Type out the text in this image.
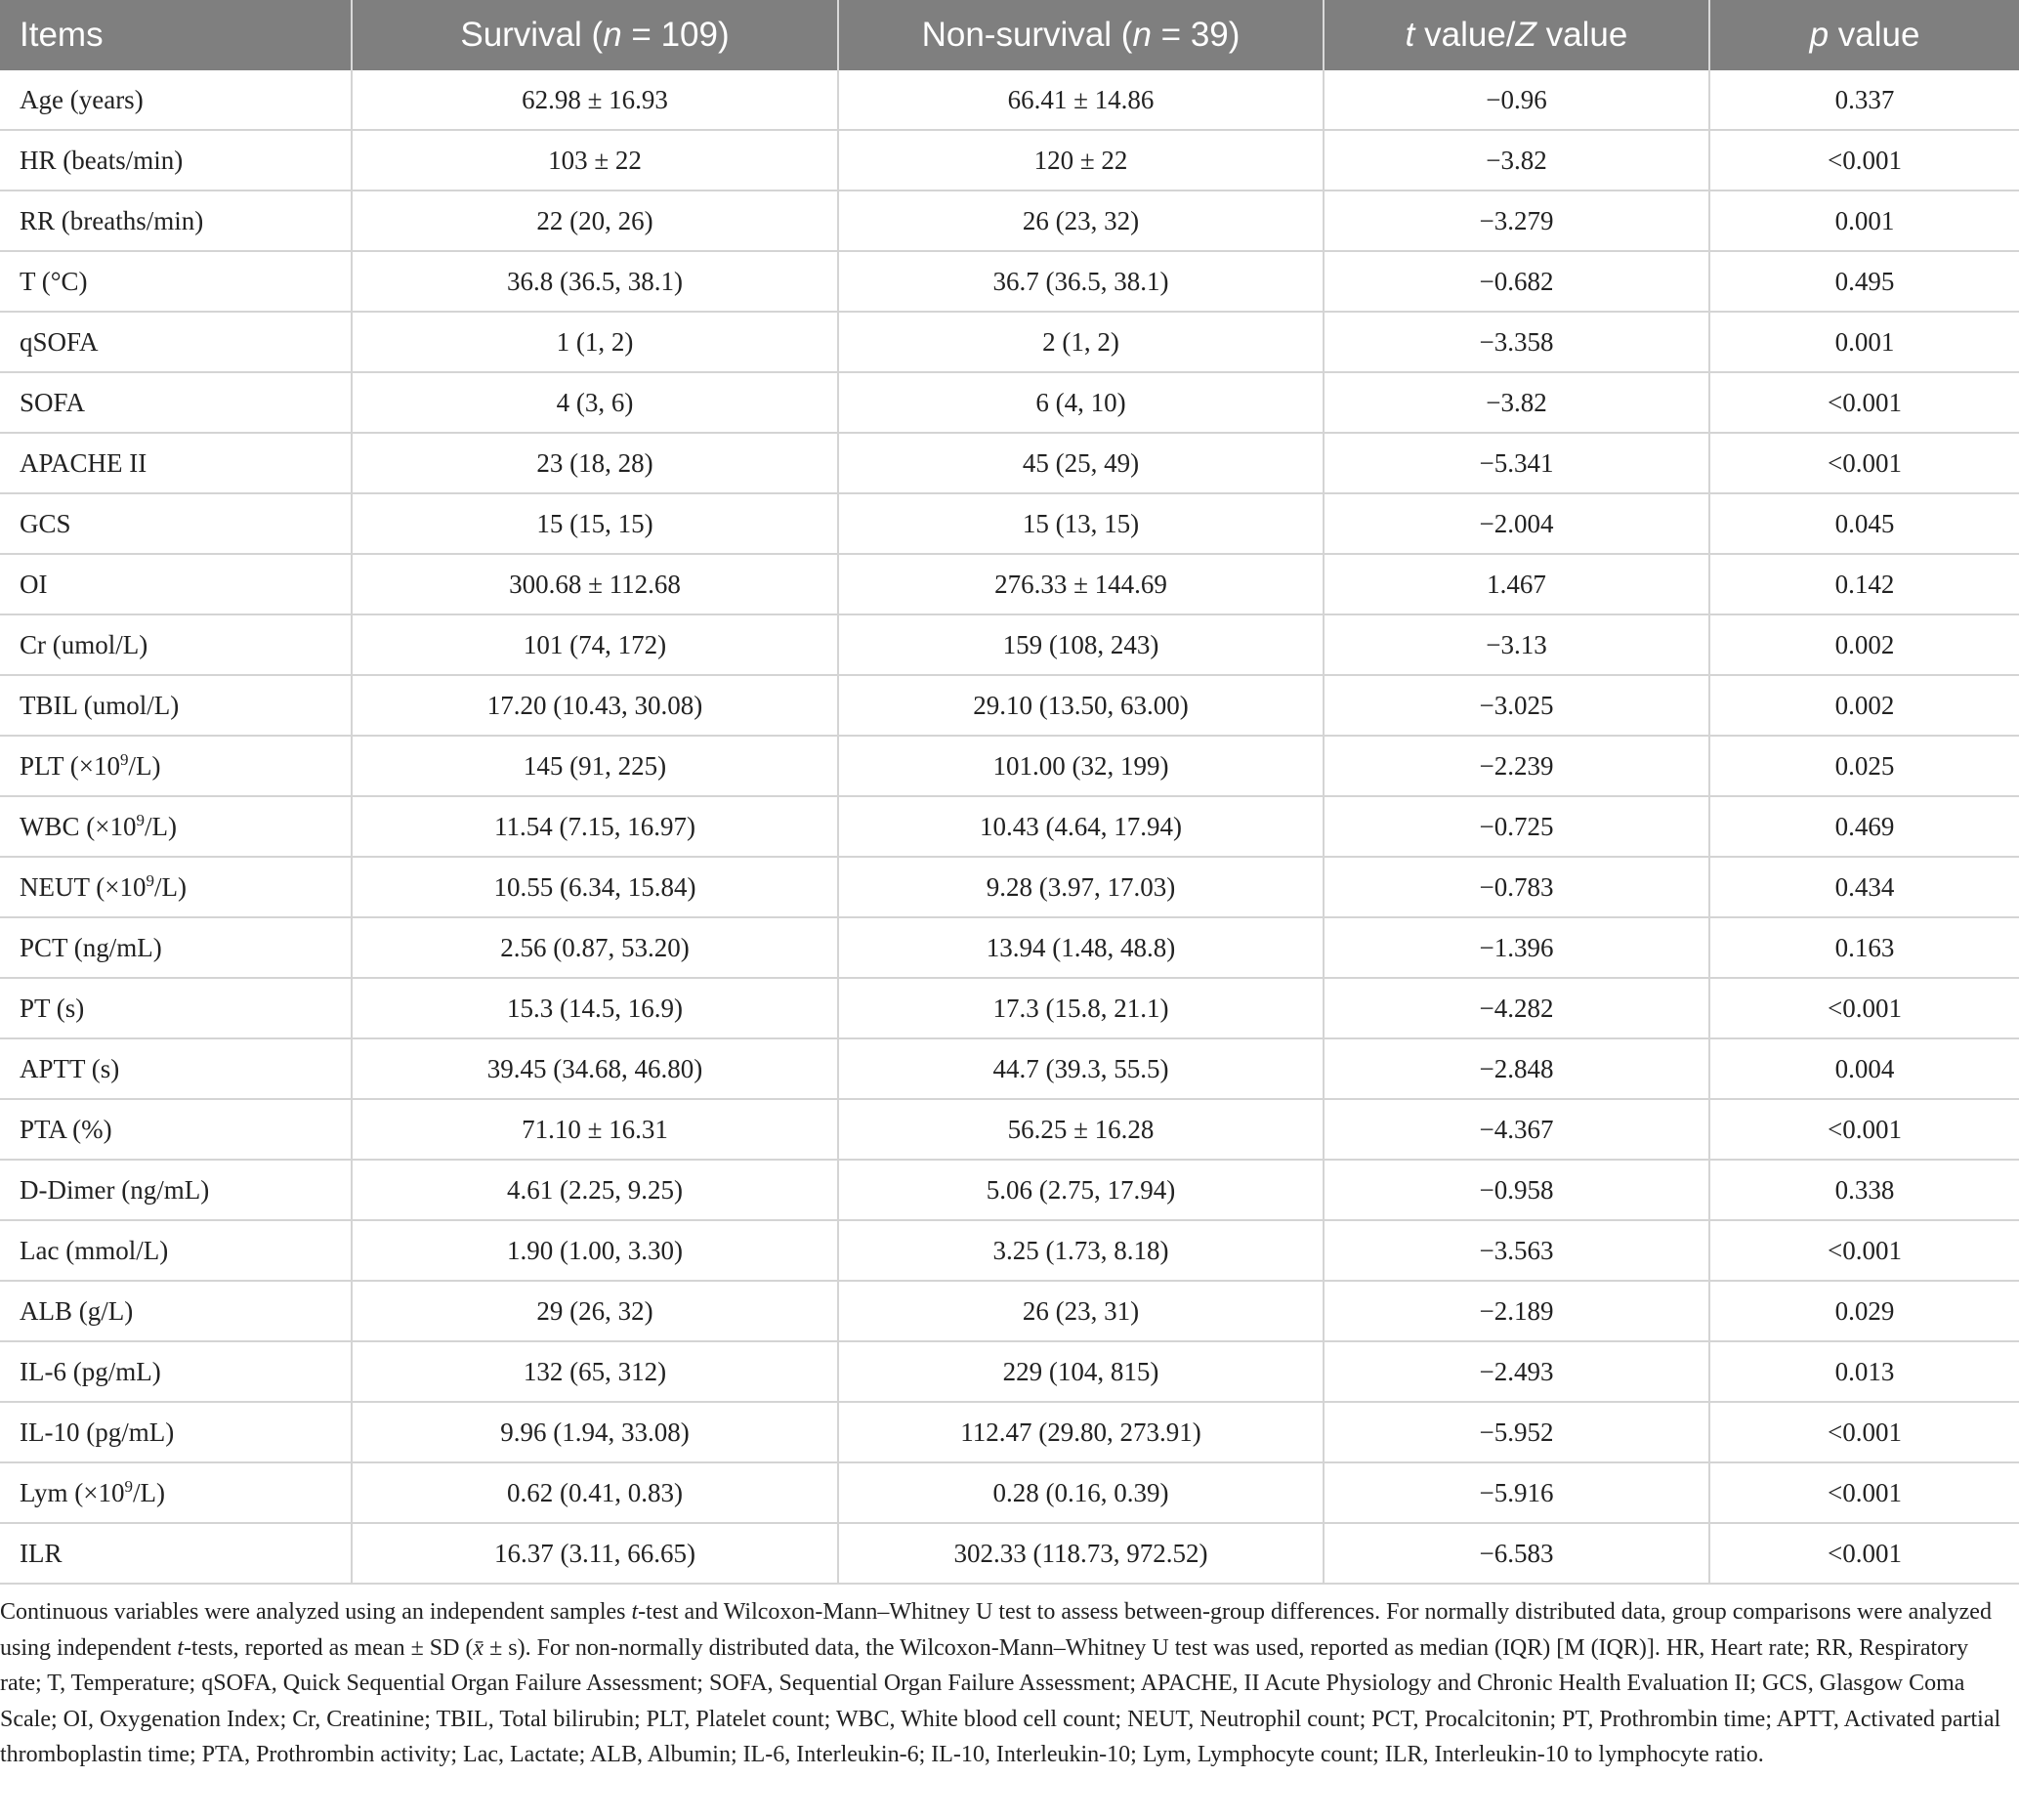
Items	Survival (n = 109)	Non-survival (n = 39)	t value/Z value	p value
Age (years)	62.98 ± 16.93	66.41 ± 14.86	−0.96	0.337
HR (beats/min)	103 ± 22	120 ± 22	−3.82	<0.001
RR (breaths/min)	22 (20, 26)	26 (23, 32)	−3.279	0.001
T (°C)	36.8 (36.5, 38.1)	36.7 (36.5, 38.1)	−0.682	0.495
qSOFA	1 (1, 2)	2 (1, 2)	−3.358	0.001
SOFA	4 (3, 6)	6 (4, 10)	−3.82	<0.001
APACHE II	23 (18, 28)	45 (25, 49)	−5.341	<0.001
GCS	15 (15, 15)	15 (13, 15)	−2.004	0.045
OI	300.68 ± 112.68	276.33 ± 144.69	1.467	0.142
Cr (umol/L)	101 (74, 172)	159 (108, 243)	−3.13	0.002
TBIL (umol/L)	17.20 (10.43, 30.08)	29.10 (13.50, 63.00)	−3.025	0.002
PLT $(\times 10^9/L)$	145 (91, 225)	101.00 (32, 199)	−2.239	0.025
WBC $(\times 10^9/L)$	11.54 (7.15, 16.97)	10.43 (4.64, 17.94)	−0.725	0.469
NEUT $(\times 10^9/L)$	10.55 (6.34, 15.84)	9.28 (3.97, 17.03)	−0.783	0.434
PCT (ng/mL)	2.56 (0.87, 53.20)	13.94 (1.48, 48.8)	−1.396	0.163
PT (s)	15.3 (14.5, 16.9)	17.3 (15.8, 21.1)	−4.282	<0.001
APTT (s)	39.45 (34.68, 46.80)	44.7 (39.3, 55.5)	−2.848	0.004
PTA (%)	71.10 ± 16.31	56.25 ± 16.28	−4.367	<0.001
D-Dimer (ng/mL)	4.61 (2.25, 9.25)	5.06 (2.75, 17.94)	−0.958	0.338
Lac (mmol/L)	1.90 (1.00, 3.30)	3.25 (1.73, 8.18)	−3.563	<0.001
ALB (g/L)	29 (26, 32)	26 (23, 31)	−2.189	0.029
IL-6 (pg/mL)	132 (65, 312)	229 (104, 815)	−2.493	0.013
IL-10 (pg/mL)	9.96 (1.94, 33.08)	112.47 (29.80, 273.91)	−5.952	<0.001
Lym $(\times 10^9/L)$	0.62 (0.41, 0.83)	0.28 (0.16, 0.39)	−5.916	<0.001
ILR	16.37 (3.11, 66.65)	302.33 (118.73, 972.52)	−6.583	<0.001

Continuous variables were analyzed using an independent samples t-test and Wilcoxon-Mann–Whitney U test to assess between-group differences. For normally distributed data, group comparisons were analyzed using independent t-tests, reported as mean ± SD (x̄ ± s). For non-normally distributed data, the Wilcoxon-Mann–Whitney U test was used, reported as median (IQR) [M (IQR)]. HR, Heart rate; RR, Respiratory rate; T, Temperature; qSOFA, Quick Sequential Organ Failure Assessment; SOFA, Sequential Organ Failure Assessment; APACHE, II Acute Physiology and Chronic Health Evaluation II; GCS, Glasgow Coma Scale; OI, Oxygenation Index; Cr, Creatinine; TBIL, Total bilirubin; PLT, Platelet count; WBC, White blood cell count; NEUT, Neutrophil count; PCT, Procalcitonin; PT, Prothrombin time; APTT, Activated partial thromboplastin time; PTA, Prothrombin activity; Lac, Lactate; ALB, Albumin; IL-6, Interleukin-6; IL-10, Interleukin-10; Lym, Lymphocyte count; ILR, Interleukin-10 to lymphocyte ratio.
